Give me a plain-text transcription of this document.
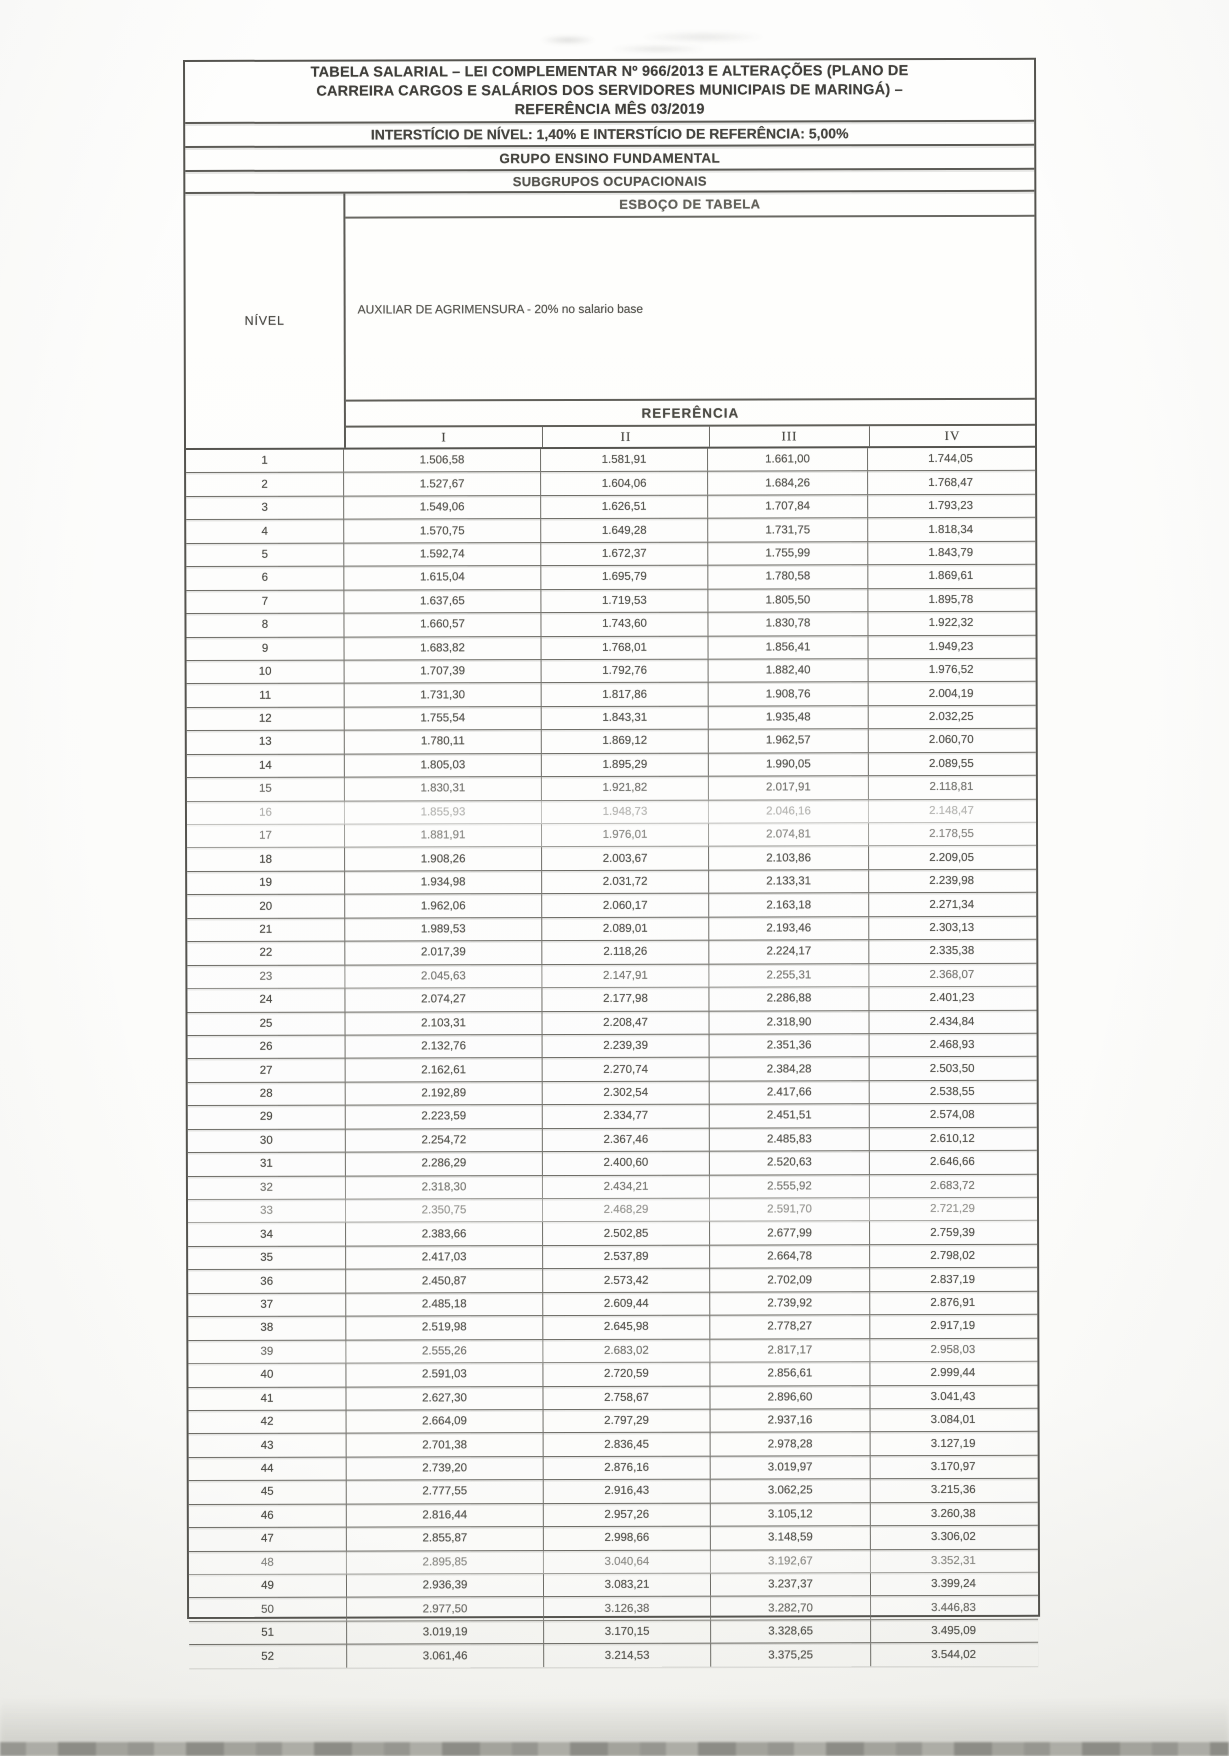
TABELA SALARIAL – LEI COMPLEMENTAR Nº 966/2013 E ALTERAÇÕES (PLANO DE
CARREIRA CARGOS E SALÁRIOS DOS SERVIDORES MUNICIPAIS DE MARINGÁ) –
REFERÊNCIA MÊS 03/2019
INTERSTÍCIO DE NÍVEL: 1,40% E INTERSTÍCIO DE REFERÊNCIA: 5,00%
GRUPO ENSINO FUNDAMENTAL
SUBGRUPOS OCUPACIONAIS
NÍVEL
ESBOÇO DE TABELA
AUXILIAR DE AGRIMENSURA - 20% no salario base
REFERÊNCIA
I	II	III	IV
1	1.506,58	1.581,91	1.661,00	1.744,05
2	1.527,67	1.604,06	1.684,26	1.768,47
3	1.549,06	1.626,51	1.707,84	1.793,23
4	1.570,75	1.649,28	1.731,75	1.818,34
5	1.592,74	1.672,37	1.755,99	1.843,79
6	1.615,04	1.695,79	1.780,58	1.869,61
7	1.637,65	1.719,53	1.805,50	1.895,78
8	1.660,57	1.743,60	1.830,78	1.922,32
9	1.683,82	1.768,01	1.856,41	1.949,23
10	1.707,39	1.792,76	1.882,40	1.976,52
11	1.731,30	1.817,86	1.908,76	2.004,19
12	1.755,54	1.843,31	1.935,48	2.032,25
13	1.780,11	1.869,12	1.962,57	2.060,70
14	1.805,03	1.895,29	1.990,05	2.089,55
15	1.830,31	1.921,82	2.017,91	2.118,81
16	1.855,93	1.948,73	2.046,16	2.148,47
17	1.881,91	1.976,01	2.074,81	2.178,55
18	1.908,26	2.003,67	2.103,86	2.209,05
19	1.934,98	2.031,72	2.133,31	2.239,98
20	1.962,06	2.060,17	2.163,18	2.271,34
21	1.989,53	2.089,01	2.193,46	2.303,13
22	2.017,39	2.118,26	2.224,17	2.335,38
23	2.045,63	2.147,91	2.255,31	2.368,07
24	2.074,27	2.177,98	2.286,88	2.401,23
25	2.103,31	2.208,47	2.318,90	2.434,84
26	2.132,76	2.239,39	2.351,36	2.468,93
27	2.162,61	2.270,74	2.384,28	2.503,50
28	2.192,89	2.302,54	2.417,66	2.538,55
29	2.223,59	2.334,77	2.451,51	2.574,08
30	2.254,72	2.367,46	2.485,83	2.610,12
31	2.286,29	2.400,60	2.520,63	2.646,66
32	2.318,30	2.434,21	2.555,92	2.683,72
33	2.350,75	2.468,29	2.591,70	2.721,29
34	2.383,66	2.502,85	2.677,99	2.759,39
35	2.417,03	2.537,89	2.664,78	2.798,02
36	2.450,87	2.573,42	2.702,09	2.837,19
37	2.485,18	2.609,44	2.739,92	2.876,91
38	2.519,98	2.645,98	2.778,27	2.917,19
39	2.555,26	2.683,02	2.817,17	2.958,03
40	2.591,03	2.720,59	2.856,61	2.999,44
41	2.627,30	2.758,67	2.896,60	3.041,43
42	2.664,09	2.797,29	2.937,16	3.084,01
43	2.701,38	2.836,45	2.978,28	3.127,19
44	2.739,20	2.876,16	3.019,97	3.170,97
45	2.777,55	2.916,43	3.062,25	3.215,36
46	2.816,44	2.957,26	3.105,12	3.260,38
47	2.855,87	2.998,66	3.148,59	3.306,02
48	2.895,85	3.040,64	3.192,67	3.352,31
49	2.936,39	3.083,21	3.237,37	3.399,24
50	2.977,50	3.126,38	3.282,70	3.446,83
51	3.019,19	3.170,15	3.328,65	3.495,09
52	3.061,46	3.214,53	3.375,25	3.544,02
